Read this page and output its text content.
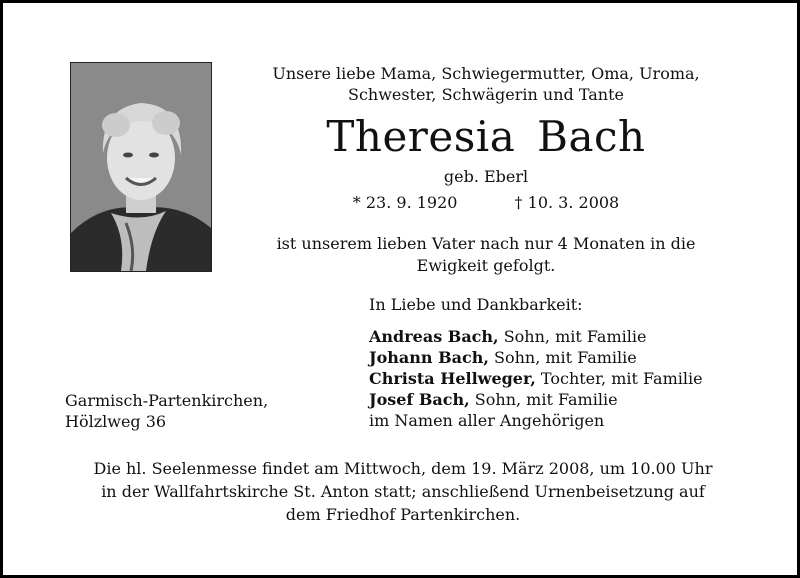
Unsere liebe Mama, Schwiegermutter, Oma, Uroma,
Schwester, Schwägerin und Tante
Theresia Bach
geb. Eberl
* 23. 9. 1920	† 10. 3. 2008
ist unserem lieben Vater nach nur 4 Monaten in die
Ewigkeit gefolgt.
In Liebe und Dankbarkeit:
Andreas Bach, Sohn, mit Familie
Johann Bach, Sohn, mit Familie
Christa Hellweger, Tochter, mit Familie
Josef Bach, Sohn, mit Familie
im Namen aller Angehörigen
Garmisch-Partenkirchen,
Hölzlweg 36
Die hl. Seelenmesse findet am Mittwoch, dem 19. März 2008, um 10.00 Uhr
in der Wallfahrtskirche St. Anton statt; anschließend Urnenbeisetzung auf
dem Friedhof Partenkirchen.
